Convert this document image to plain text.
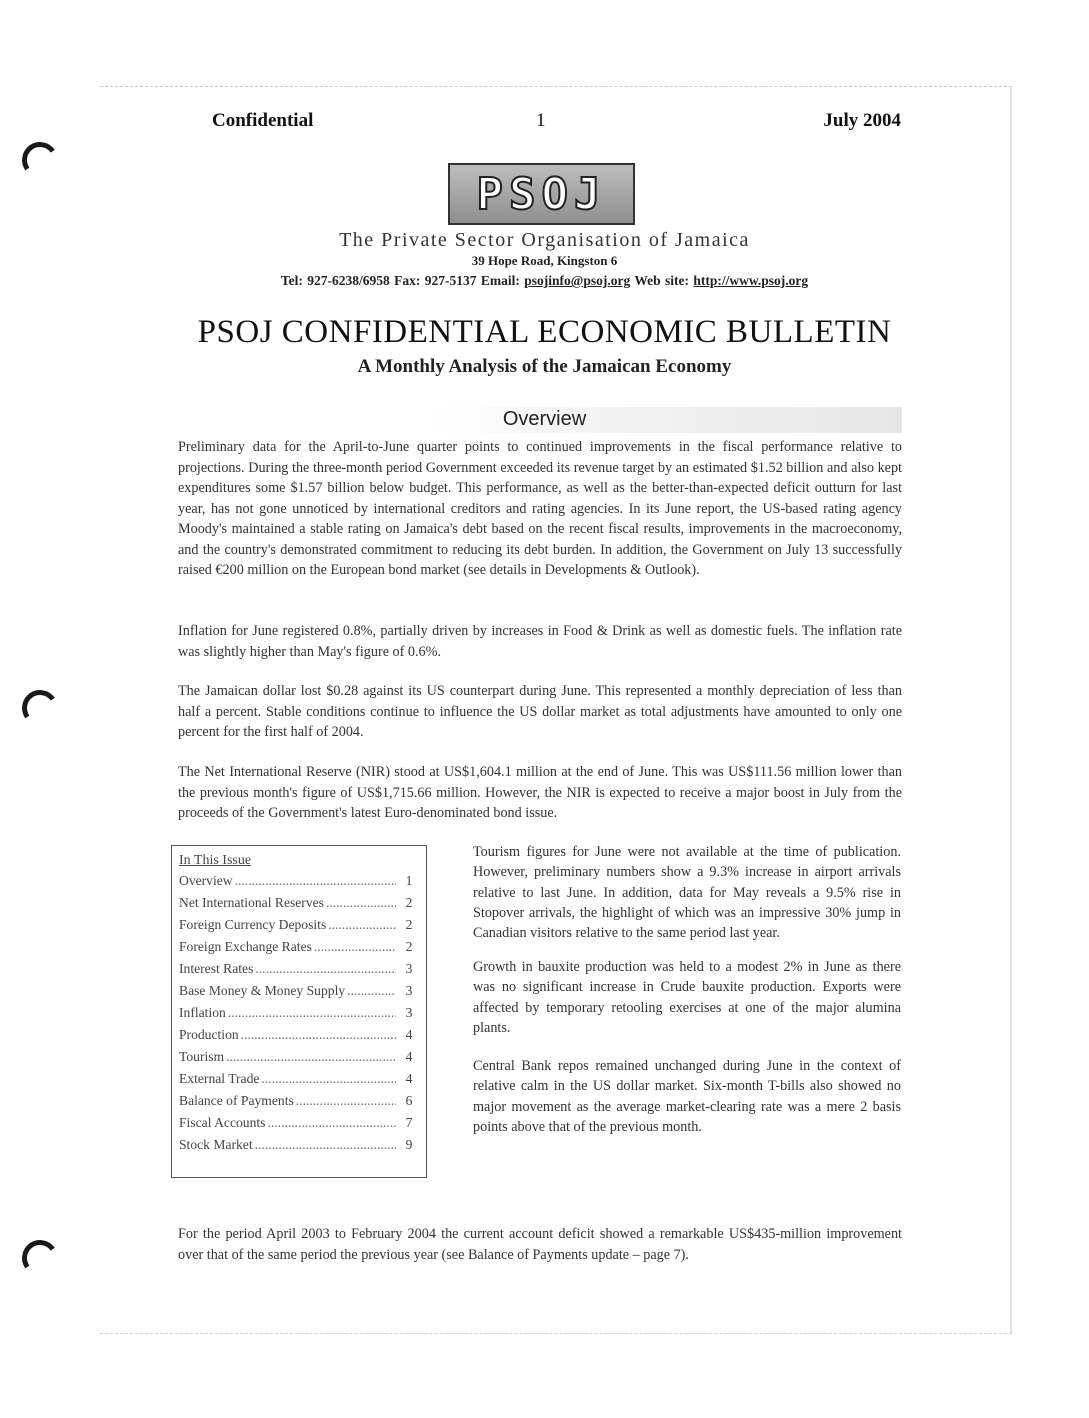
Confidential	1	July 2004
PSOJ
The Private Sector Organisation of Jamaica
39 Hope Road, Kingston 6
Tel: 927-6238/6958 Fax: 927-5137 Email: psojinfo@psoj.org Web site: http://www.psoj.org
PSOJ CONFIDENTIAL ECONOMIC BULLETIN
A Monthly Analysis of the Jamaican Economy
Overview

Preliminary data for the April-to-June quarter points to continued improvements in the fiscal performance relative to projections. During the three-month period Government exceeded its revenue target by an estimated $1.52 billion and also kept expenditures some $1.57 billion below budget. This performance, as well as the better-than-expected deficit outturn for last year, has not gone unnoticed by international creditors and rating agencies. In its June report, the US-based rating agency Moody's maintained a stable rating on Jamaica's debt based on the recent fiscal results, improvements in the macroeconomy, and the country's demonstrated commitment to reducing its debt burden. In addition, the Government on July 13 successfully raised €200 million on the European bond market (see details in Developments & Outlook).

Inflation for June registered 0.8%, partially driven by increases in Food & Drink as well as domestic fuels. The inflation rate was slightly higher than May's figure of 0.6%.

The Jamaican dollar lost $0.28 against its US counterpart during June. This represented a monthly depreciation of less than half a percent. Stable conditions continue to influence the US dollar market as total adjustments have amounted to only one percent for the first half of 2004.

The Net International Reserve (NIR) stood at US$1,604.1 million at the end of June. This was US$111.56 million lower than the previous month's figure of US$1,715.66 million. However, the NIR is expected to receive a major boost in July from the proceeds of the Government's latest Euro-denominated bond issue.

In This Issue
Overview .....	1
Net International Reserves .....	2
Foreign Currency Deposits .....	2
Foreign Exchange Rates .....	2
Interest Rates .....	3
Base Money & Money Supply .....	3
Inflation .....	3
Production .....	4
Tourism .....	4
External Trade .....	4
Balance of Payments .....	6
Fiscal Accounts .....	7
Stock Market .....	9

Tourism figures for June were not available at the time of publication. However, preliminary numbers show a 9.3% increase in airport arrivals relative to last June. In addition, data for May reveals a 9.5% rise in Stopover arrivals, the highlight of which was an impressive 30% jump in Canadian visitors relative to the same period last year.

Growth in bauxite production was held to a modest 2% in June as there was no significant increase in Crude bauxite production. Exports were affected by temporary retooling exercises at one of the major alumina plants.

Central Bank repos remained unchanged during June in the context of relative calm in the US dollar market. Six-month T-bills also showed no major movement as the average market-clearing rate was a mere 2 basis points above that of the previous month.

For the period April 2003 to February 2004 the current account deficit showed a remarkable US$435-million improvement over that of the same period the previous year (see Balance of Payments update – page 7).
